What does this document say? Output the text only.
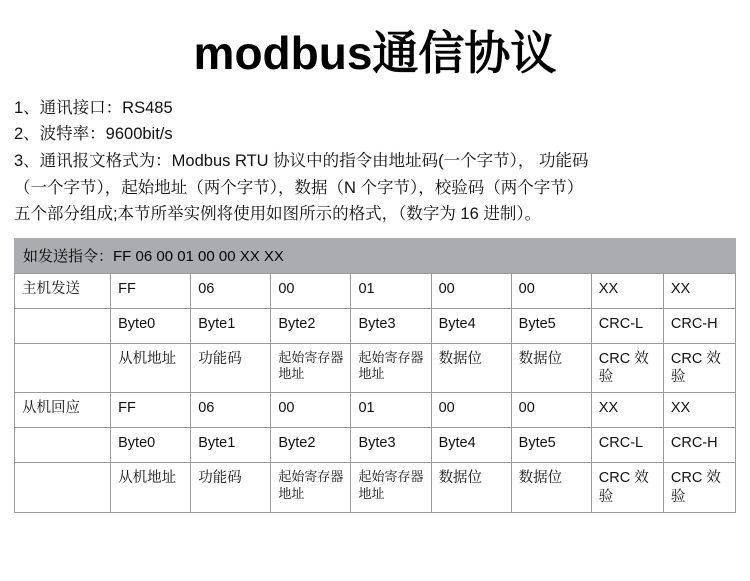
modbus通信协议
1、通讯接口：RS485
2、波特率：9600bit/s
3、通讯报文格式为：Modbus RTU 协议中的指令由地址码(一个字节）， 功能码
（一个字节），起始地址（两个字节），数据（N 个字节），校验码（两个字节）
五个部分组成;本节所举实例将使用如图所示的格式，（数字为 16 进制）。
如发送指令：FF 06 00 01 00 00 XX XX
主机发送	FF	06	00	01	00	00	XX	XX
	Byte0	Byte1	Byte2	Byte3	Byte4	Byte5	CRC-L	CRC-H
	从机地址	功能码	起始寄存器地址	起始寄存器地址	数据位	数据位	CRC 效验	CRC 效验
从机回应	FF	06	00	01	00	00	XX	XX
	Byte0	Byte1	Byte2	Byte3	Byte4	Byte5	CRC-L	CRC-H
	从机地址	功能码	起始寄存器地址	起始寄存器地址	数据位	数据位	CRC 效验	CRC 效验
